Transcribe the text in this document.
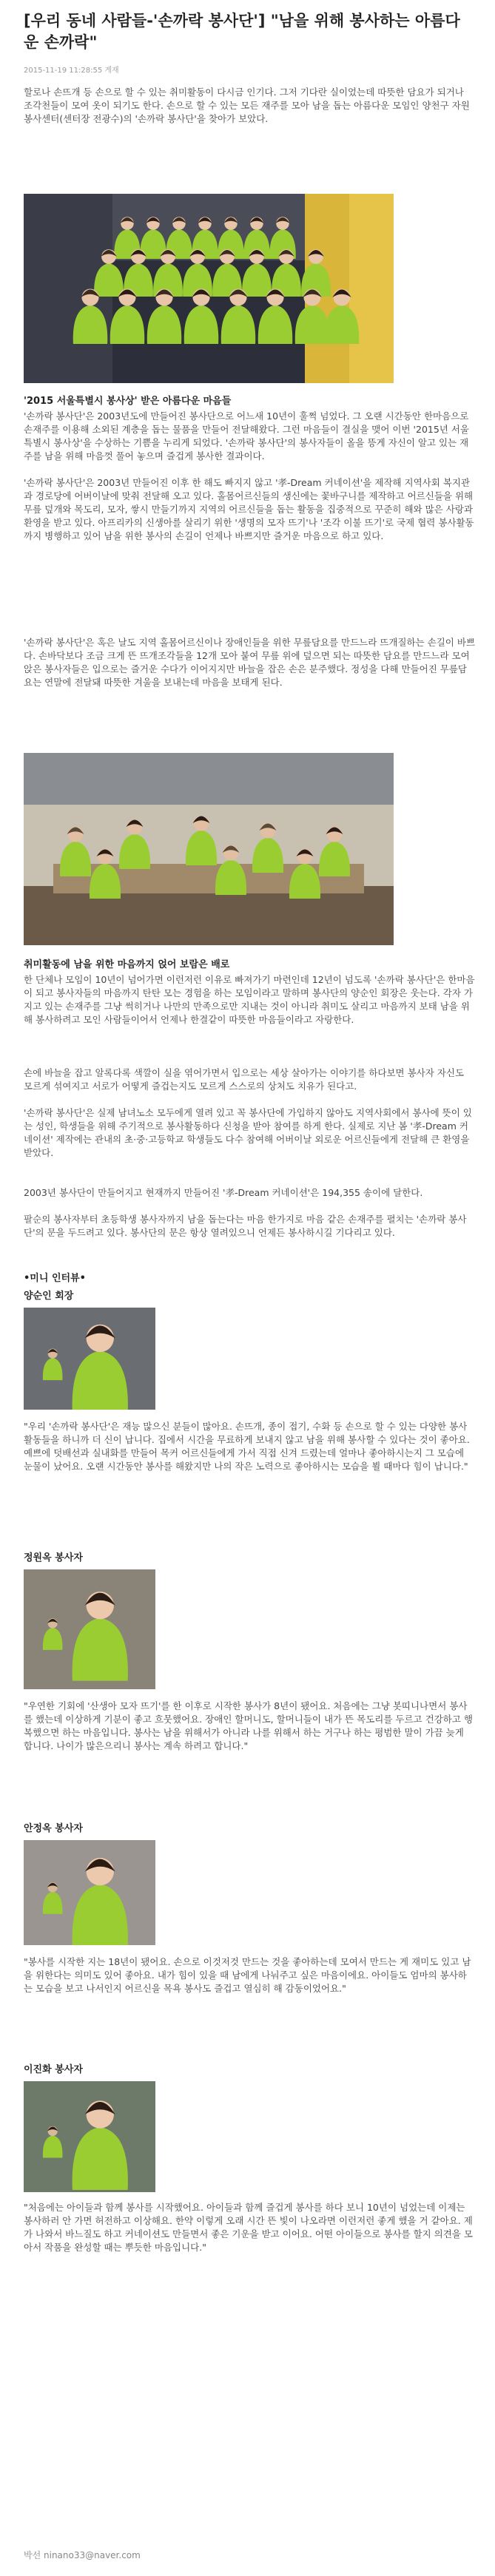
[우리 동네 사람들-'손까락 봉사단'] "남을 위해 봉사하는 아름다운 손까락"
2015-11-19 11:28:55 게재

할로나 손뜨개 등 손으로 할 수 있는 취미활동이 다시금 인기다. 그저 기다란 실이었는데 따뜻한 담요가 되거나 조각천들이 모여 옷이 되기도 한다. 손으로 할 수 있는 모든 재주를 모아 남을 돕는 아름다운 모임인 양천구 자원봉사센터(센터장 전광수)의 '손까락 봉사단'을 찾아가 보았다.

'2015 서울특별시 봉사상' 받은 아름다운 마음들

'손까락 봉사단'은 2003년도에 만들어진 봉사단으로 어느새 10년이 훌쩍 넘었다. 그 오랜 시간동안 한마음으로 손재주를 이용해 소외된 계층을 돕는 물품을 만들어 전달해왔다. 그런 마음들이 결실을 맺어 이번 '2015년 서울특별시 봉사상'을 수상하는 기쁨을 누리게 되었다. '손까락 봉사단'의 봉사자들이 올을 뜽게 자신이 알고 있는 재주를 남을 위해 마음껏 풀어 놓으며 즐겁게 봉사한 결과이다.

'손까락 봉사단'은 2003년 만들어진 이후 한 해도 빠지지 않고 '孝-Dream 커네이션'을 제작해 지역사회 복지관과 경로당에 어버이날에 맞춰 전달해 오고 있다. 홀몸어르신들의 생신에는 꽃바구니를 제작하고 어르신들을 위해 무릎 덮개와 목도리, 모자, 쌓시 만들기까지 지역의 어르신들을 돕는 활동을 집중적으로 꾸준히 해와 많은 사랑과 환영을 받고 있다. 아프리카의 신생아를 살리기 위한 '생명의 모자 뜨기'나 '조각 이불 뜨기'로 국제 협력 봉사활동까지 병행하고 있어 남을 위한 봉사의 손길이 언제나 바쁘지만 즐거운 마음으로 하고 있다.

'손까락 봉사단'은 혹은 날도 지역 홀몸어르신이나 장애인들을 위한 무릎담요를 만드느라 뜨개질하는 손길이 바쁘다. 손바닥보다 조금 크게 뜬 뜨개조각들을 12개 모아 붙여 무릎 위에 덮으면 되는 따뜻한 담요를 만드느라 모여 앉은 봉사자들은 입으로는 즐거운 수다가 이어지지만 바늘을 잡은 손은 분주했다. 정성을 다해 만들어진 무릎담요는 연말에 전달돼 따뜻한 겨울을 보내는데 마음을 보태게 된다.

취미활동에 남을 위한 마음까지 얹어 보람은 배로

한 단체나 모임이 10년이 넘어가면 이런저런 이유로 빠져가기 마련인데 12년이 넘도록 '손까락 봉사단'은 한마음이 되고 봉사자들의 마음까지 탄탄 모는 경험을 하는 모임이라고 말하며 봉사단의 양순인 회장은 웃는다. 각자 가지고 있는 손재주를 그냥 썩히거나 나만의 만족으로만 지내는 것이 아니라 취미도 살리고 마음까지 보태 남을 위해 봉사하려고 모인 사람들이어서 언제나 한결같이 따뜻한 마음들이라고 자랑한다.

손에 바늘을 잡고 알록다록 색깔이 실을 엮어가면서 입으로는 세상 살아가는 이야기를 하다보면 봉사자 자신도 모르게 섞여지고 서로가 어떻게 즐겁는지도 모르게 스스로의 상처도 치유가 된다고.

'손까락 봉사단'은 실제 남녀노소 모두에게 열려 있고 꼭 봉사단에 가입하지 않아도 지역사회에서 봉사에 뜻이 있는 성인, 학생들을 위해 주기적으로 봉사활동하다 신청을 받아 참여를 하게 한다. 실제로 지난 봄 '孝-Dream 커네이션' 제작에는 관내의 초·중·고등학교 학생들도 다수 참여해 어버이날 외로운 어르신들에게 전달해 큰 환영을 받았다.

2003년 봉사단이 만들어지고 현재까지 만들어진 '孝-Dream 커네이션'은 194,355 송이에 달한다.

팔순의 봉사자부터 초등학생 봉사자까지 남을 돕는다는 마음 한가지로 마음 같은 손재주를 펼치는 '손까락 봉사단'의 문을 두드려고 있다. 봉사단의 문은 항상 열려있으니 언제든 봉사하시길 기다리고 있다.

•미니 인터뷰•
양순인 회장

"우리 '손까락 봉사단'은 재능 많으신 분들이 많아요. 손뜨개, 종이 접기, 수화 등 손으로 할 수 있는 다양한 봉사활동들을 하니까 더 신이 납니다. 집에서 시간을 무료하게 보내지 않고 남을 위해 봉사할 수 있다는 것이 좋아요. 예쁘에 덧배선과 실내화를 만들어 목커 어르신들에게 가서 직접 신겨 드렸는데 얼마나 좋아하시는지 그 모습에 눈물이 났어요. 오랜 시간동안 봉사를 해왔지만 나의 작은 노력으로 좋아하시는 모습을 뵐 때마다 힘이 납니다."

정원옥 봉사자

"우연한 기회에 '산생아 모자 뜨기'를 한 이후로 시작한 봉사가 8년이 됐어요. 처음에는 그냥 봇띠니나면서 봉사를 했는데 이상하게 기분이 좋고 흐뭇했어요. 장애인 할머니도, 할머니들이 내가 뜬 목도리를 두르고 건강하고 행복했으면 하는 마음입니다. 봉사는 남을 위해서가 아니라 나를 위해서 하는 거구나 하는 평범한 말이 가끔 늦게 합니다. 나이가 많은으리니 봉사는 계속 하려고 합니다."

안정옥 봉사자

"봉사를 시작한 지는 18년이 됐어요. 손으로 이것저것 만드는 것을 좋아하는데 모여서 만드는 게 재미도 있고 남을 위한다는 의미도 있어 좋아요. 내가 힘이 있을 때 남에게 나눠주고 싶은 마음이에요. 아이들도 엄마의 봉사하는 모습을 보고 나서인지 어르신을 목욕 봉사도 즐겁고 열심히 해 감동이었어요."

이진화 봉사자

"처음에는 아이들과 함께 봉사를 시작했어요. 아이들과 함께 즐겁게 봉사를 하다 보니 10년이 넘었는데 이제는 봉사하러 안 가면 허전하고 이상해요. 한약 이렇게 오래 시간 뜬 빛이 나오라면 이런저런 좋게 했을 거 같아요. 제가 나와서 바느질도 하고 커네이션도 만들면서 좋은 기운을 받고 이어요. 어떤 아이들으로 봉사를 할지 의견을 모아서 작품을 완성할 때는 뿌듯한 마음입니다."

박선 ninano33@naver.com
